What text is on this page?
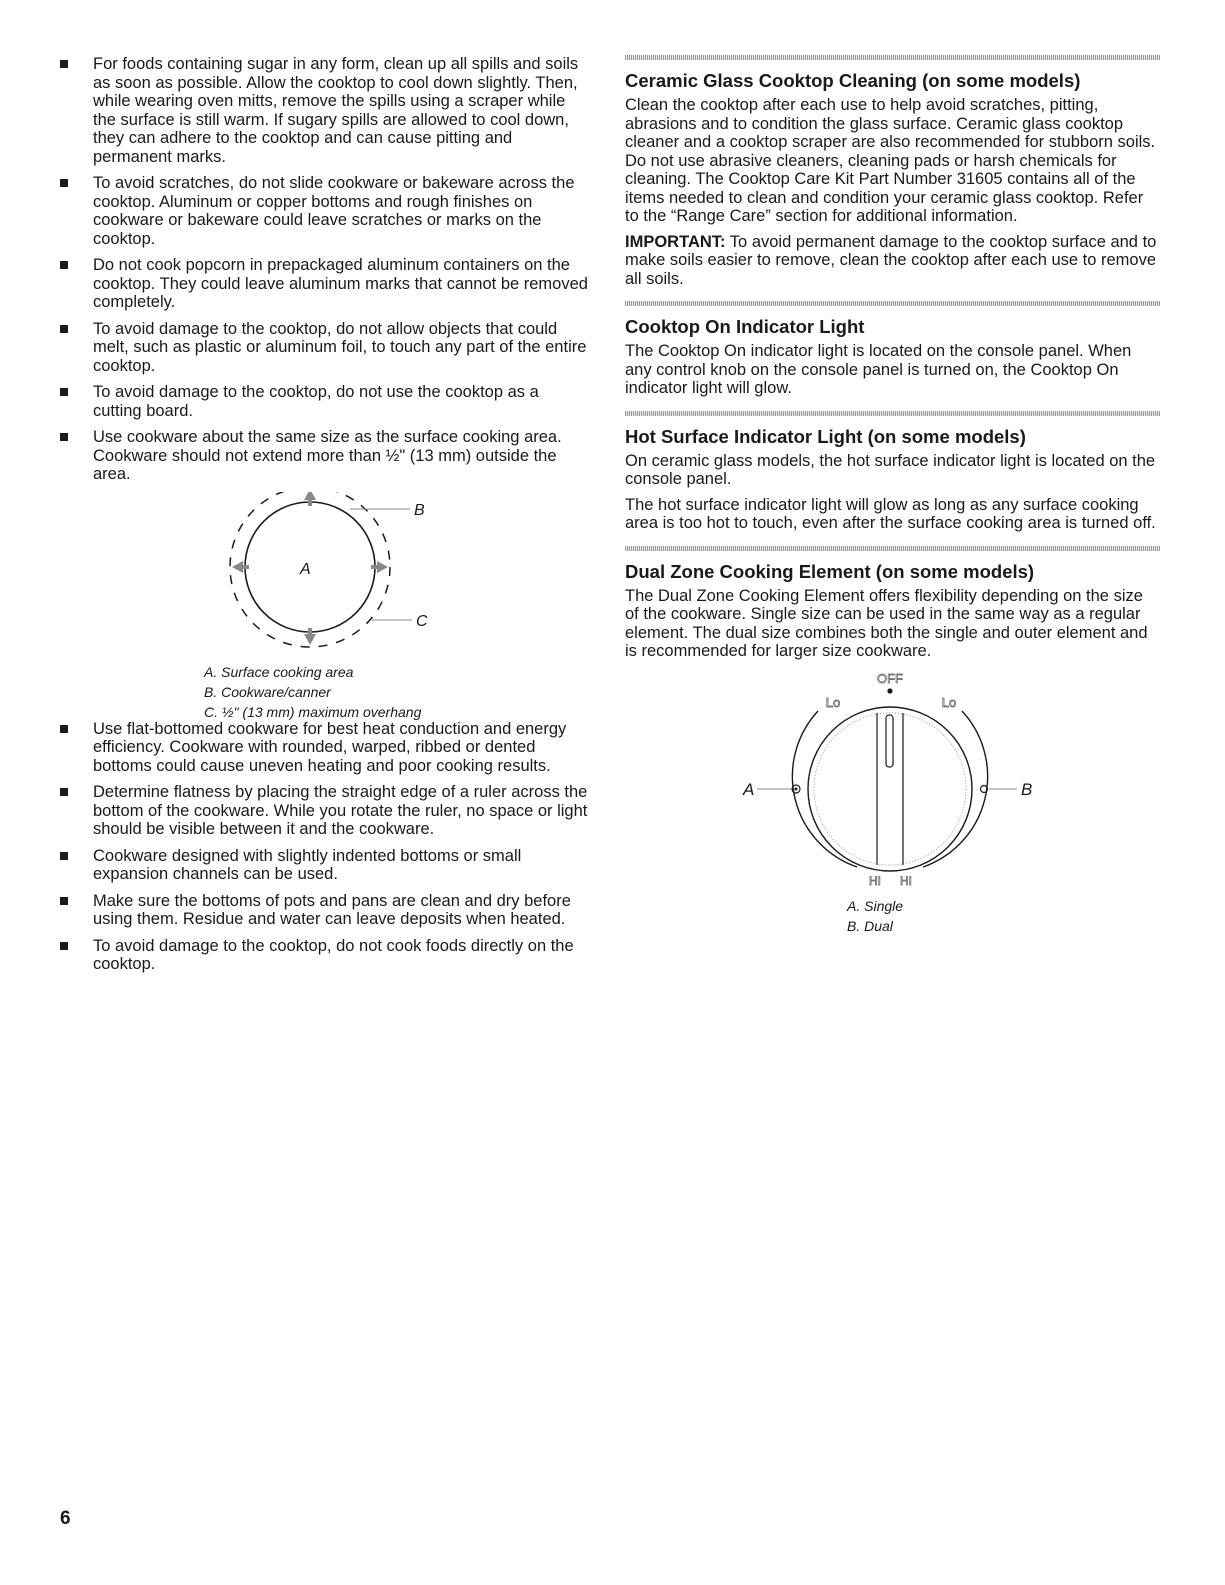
For foods containing sugar in any form, clean up all spills and soils as soon as possible. Allow the cooktop to cool down slightly. Then, while wearing oven mitts, remove the spills using a scraper while the surface is still warm. If sugary spills are allowed to cool down, they can adhere to the cooktop and can cause pitting and permanent marks.
To avoid scratches, do not slide cookware or bakeware across the cooktop. Aluminum or copper bottoms and rough finishes on cookware or bakeware could leave scratches or marks on the cooktop.
Do not cook popcorn in prepackaged aluminum containers on the cooktop. They could leave aluminum marks that cannot be removed completely.
To avoid damage to the cooktop, do not allow objects that could melt, such as plastic or aluminum foil, to touch any part of the entire cooktop.
To avoid damage to the cooktop, do not use the cooktop as a cutting board.
Use cookware about the same size as the surface cooking area. Cookware should not extend more than ½" (13 mm) outside the area.
A
B
C
A. Surface cooking area
B. Cookware/canner
C. ½" (13 mm) maximum overhang
Use flat-bottomed cookware for best heat conduction and energy efficiency. Cookware with rounded, warped, ribbed or dented bottoms could cause uneven heating and poor cooking results.
Determine flatness by placing the straight edge of a ruler across the bottom of the cookware. While you rotate the ruler, no space or light should be visible between it and the cookware.
Cookware designed with slightly indented bottoms or small expansion channels can be used.
Make sure the bottoms of pots and pans are clean and dry before using them. Residue and water can leave deposits when heated.
To avoid damage to the cooktop, do not cook foods directly on the cooktop.
Ceramic Glass Cooktop Cleaning (on some models)

Clean the cooktop after each use to help avoid scratches, pitting, abrasions and to condition the glass surface. Ceramic glass cooktop cleaner and a cooktop scraper are also recommended for stubborn soils. Do not use abrasive cleaners, cleaning pads or harsh chemicals for cleaning. The Cooktop Care Kit Part Number 31605 contains all of the items needed to clean and condition your ceramic glass cooktop. Refer to the “Range Care” section for additional information.

IMPORTANT: To avoid permanent damage to the cooktop surface and to make soils easier to remove, clean the cooktop after each use to remove all soils.

Cooktop On Indicator Light

The Cooktop On indicator light is located on the console panel. When any control knob on the console panel is turned on, the Cooktop On indicator light will glow.

Hot Surface Indicator Light (on some models)

On ceramic glass models, the hot surface indicator light is located on the console panel.

The hot surface indicator light will glow as long as any surface cooking area is too hot to touch, even after the surface cooking area is turned off.

Dual Zone Cooking Element (on some models)

The Dual Zone Cooking Element offers flexibility depending on the size of the cookware. Single size can be used in the same way as a regular element. The dual size combines both the single and outer element and is recommended for larger size cookware.

OFF
Lo	Lo
A	B
HI HI
A. Single
B. Dual
6
